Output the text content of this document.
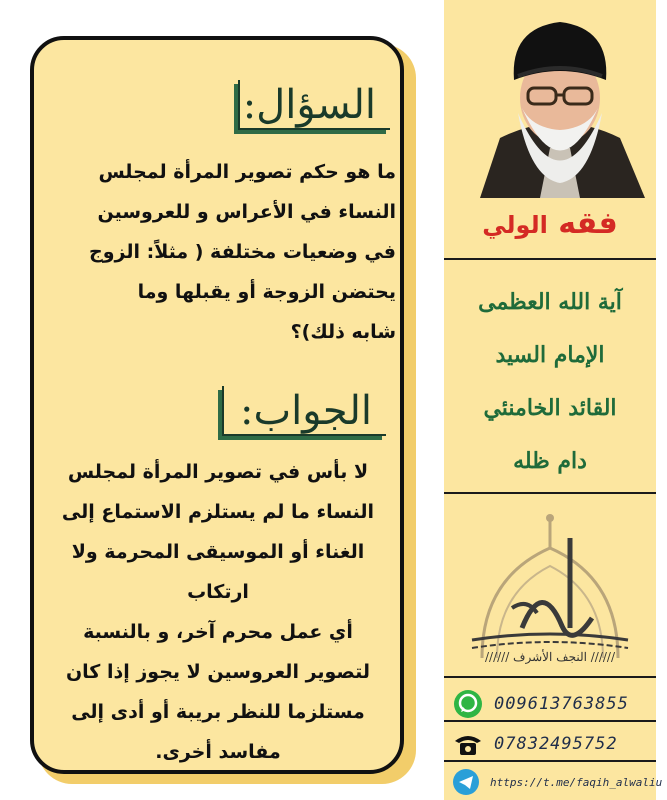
السؤال:
ما هو حكم تصوير المرأة لمجلس
النساء في الأعراس و للعروسين
في وضعيات مختلفة ( مثلاً: الزوج
يحتضن الزوجة أو يقبلها وما
شابه ذلك)؟
الجواب:
لا بأس في تصوير المرأة لمجلس
النساء ما لم يستلزم الاستماع إلى
الغناء أو الموسيقى المحرمة ولا ارتكاب
أي عمل محرم آخر، و بالنسبة
لتصوير العروسين لا يجوز إذا كان
مستلزما للنظر بريبة أو أدى إلى
مفاسد أخرى.
فقه الولي
آية الله العظمى
الإمام السيد
القائد الخامنئي
دام ظله
////// النجف الأشرف //////
009613763855
07832495752
https://t.me/faqih_alwaliu
